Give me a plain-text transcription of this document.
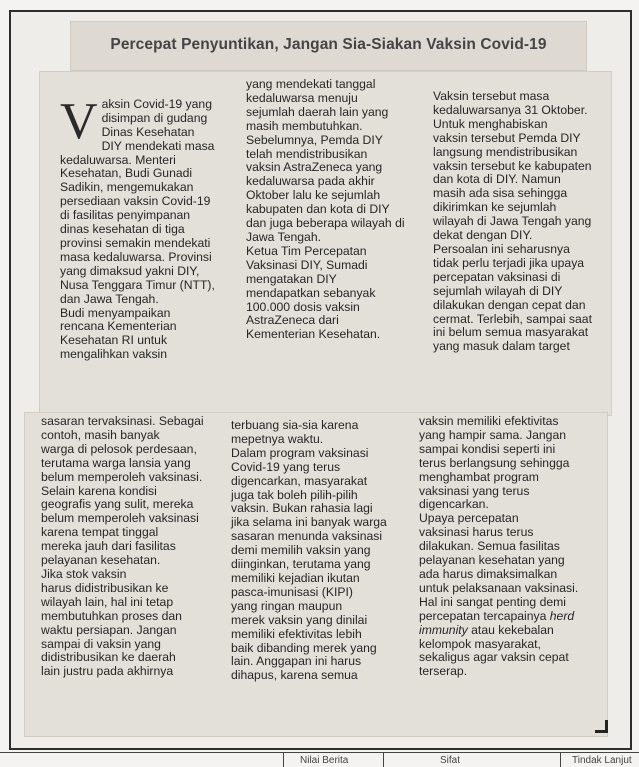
Percepat Penyuntikan, Jangan Sia-Siakan Vaksin Covid-19

Vaksin Covid-19 yang
disimpan di gudang
Dinas Kesehatan
DIY mendekati masa
kedaluwarsa. Menteri
Kesehatan, Budi Gunadi
Sadikin, mengemukakan
persediaan vaksin Covid-19
di fasilitas penyimpanan
dinas kesehatan di tiga
provinsi semakin mendekati
masa kedaluwarsa. Provinsi
yang dimaksud yakni DIY,
Nusa Tenggara Timur (NTT),
dan Jawa Tengah.
Budi menyampaikan
rencana Kementerian
Kesehatan RI untuk
mengalihkan vaksin

yang mendekati tanggal
kedaluwarsa menuju
sejumlah daerah lain yang
masih membutuhkan.
Sebelumnya, Pemda DIY
telah mendistribusikan
vaksin AstraZeneca yang
kedaluwarsa pada akhir
Oktober lalu ke sejumlah
kabupaten dan kota di DIY
dan juga beberapa wilayah di
Jawa Tengah.
Ketua Tim Percepatan
Vaksinasi DIY, Sumadi
mengatakan DIY
mendapatkan sebanyak
100.000 dosis vaksin
AstraZeneca dari
Kementerian Kesehatan.
Vaksin tersebut masa
kedaluwarsanya 31 Oktober.
Untuk menghabiskan
vaksin tersebut Pemda DIY
langsung mendistribusikan
vaksin tersebut ke kabupaten
dan kota di DIY. Namun
masih ada sisa sehingga
dikirimkan ke sejumlah
wilayah di Jawa Tengah yang
dekat dengan DIY.
Persoalan ini seharusnya
tidak perlu terjadi jika upaya
percepatan vaksinasi di
sejumlah wilayah di DIY
dilakukan dengan cepat dan
cermat. Terlebih, sampai saat
ini belum semua masyarakat
yang masuk dalam target
sasaran tervaksinasi. Sebagai
contoh, masih banyak
warga di pelosok perdesaan,
terutama warga lansia yang
belum memperoleh vaksinasi.
Selain karena kondisi
geografis yang sulit, mereka
belum memperoleh vaksinasi
karena tempat tinggal
mereka jauh dari fasilitas
pelayanan kesehatan.
Jika stok vaksin
harus didistribusikan ke
wilayah lain, hal ini tetap
membutuhkan proses dan
waktu persiapan. Jangan
sampai di vaksin yang
didistribusikan ke daerah
lain justru pada akhirnya
terbuang sia-sia karena
mepetnya waktu.
Dalam program vaksinasi
Covid-19 yang terus
digencarkan, masyarakat
juga tak boleh pilih-pilih
vaksin. Bukan rahasia lagi
jika selama ini banyak warga
sasaran menunda vaksinasi
demi memilih vaksin yang
diinginkan, terutama yang
memiliki kejadian ikutan
pasca-imunisasi (KIPI)
yang ringan maupun
merek vaksin yang dinilai
memiliki efektivitas lebih
baik dibanding merek yang
lain. Anggapan ini harus
dihapus, karena semua
vaksin memiliki efektivitas
yang hampir sama. Jangan
sampai kondisi seperti ini
terus berlangsung sehingga
menghambat program
vaksinasi yang terus
digencarkan.
Upaya percepatan
vaksinasi harus terus
dilakukan. Semua fasilitas
pelayanan kesehatan yang
ada harus dimaksimalkan
untuk pelaksanaan vaksinasi.
Hal ini sangat penting demi
percepatan tercapainya herd
immunity atau kekebalan
kelompok masyarakat,
sekaligus agar vaksin cepat
terserap.
Nilai Berita	Sifat	Tindak Lanjut
